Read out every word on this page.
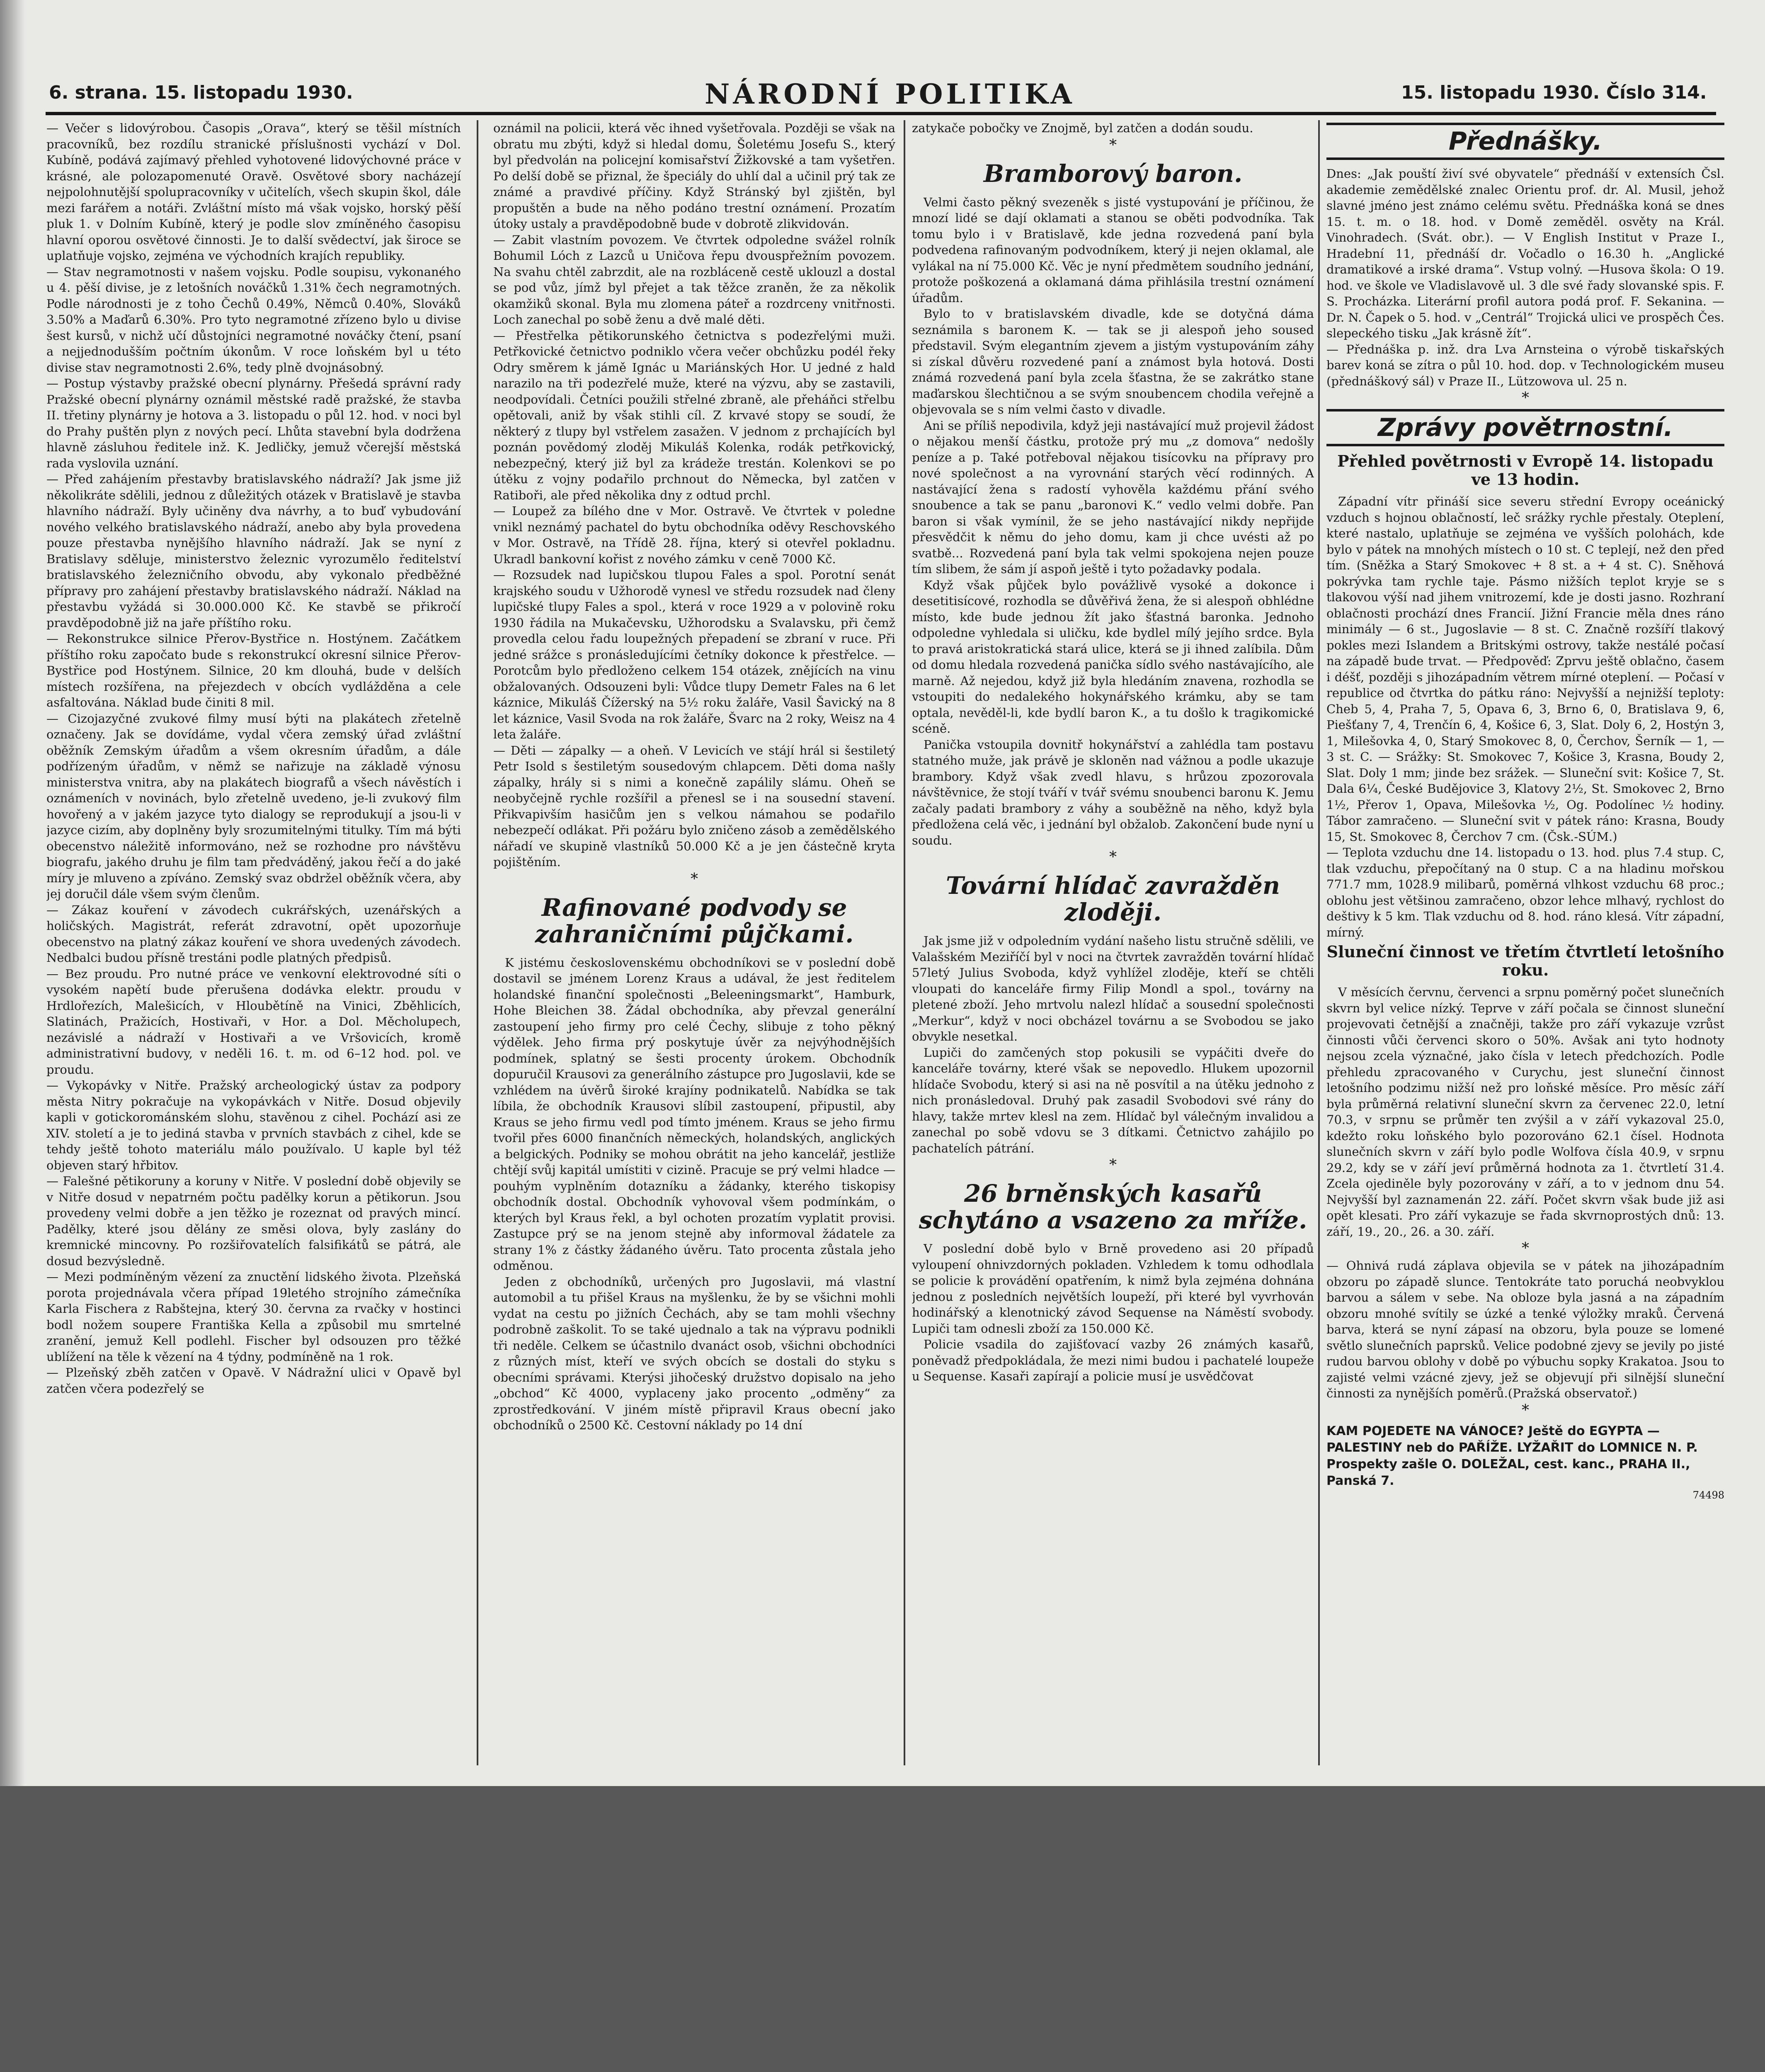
6. strana. 15. listopadu 1930.	NÁRODNÍ POLITIKA	15. listopadu 1930. Číslo 314.

— Večer s lidovýrobou. Časopis „Orava“, který se těšil místních pracovníků, bez rozdílu stranické příslušnosti vychází v Dol. Kubíně, podává zajímavý přehled vyhotovené lidovýchovné práce v krásné, ale polozapomenuté Oravě. Osvětové sbory nacházejí nejpolohnutější spolupracovníky v učitelích, všech skupin škol, dále mezi farářem a notáři. Zvláštní místo má však vojsko, horský pěší pluk 1. v Dolním Kubíně, který je podle slov zmíněného časopisu hlavní oporou osvětové činnosti. Je to další svědectví, jak široce se uplatňuje vojsko, zejména ve východních krajích republiky.

— Stav negramotnosti v našem vojsku. Podle soupisu, vykonaného u 4. pěší divise, je z letošních nováčků 1.31% čech negramotných. Podle národnosti je z toho Čechů 0.49%, Němců 0.40%, Slováků 3.50% a Maďarů 6.30%. Pro tyto negramotné zřízeno bylo u divise šest kursů, v nichž učí důstojníci negramotné nováčky čtení, psaní a nejjednodušším počtním úkonům. V roce loňském byl u této divise stav negramotnosti 2.6%, tedy plně dvojnásobný.

— Postup výstavby pražské obecní plynárny. Přešedá správní rady Pražské obecní plynárny oznámil městské radě pražské, že stavba II. třetiny plynárny je hotova a 3. listopadu o půl 12. hod. v noci byl do Prahy puštěn plyn z nových pecí. Lhůta stavební byla dodržena hlavně zásluhou ředitele inž. K. Jedličky, jemuž včerejší městská rada vyslovila uznání.

— Před zahájením přestavby bratislavského nádraží? Jak jsme již několikráte sdělili, jednou z důležitých otázek v Bratislavě je stavba hlavního nádraží. Byly učiněny dva návrhy, a to buď vybudování nového velkého bratislavského nádraží, anebo aby byla provedena pouze přestavba nynějšího hlavního nádraží. Jak se nyní z Bratislavy sděluje, ministerstvo železnic vyrozumělo ředitelství bratislavského železničního obvodu, aby vykonalo předběžné přípravy pro zahájení přestavby bratislavského nádraží. Náklad na přestavbu vyžádá si 30.000.000 Kč. Ke stavbě se přikročí pravděpodobně již na jaře příštího roku.

— Rekonstrukce silnice Přerov-Bystřice n. Hostýnem. Začátkem příštího roku započato bude s rekonstrukcí okresní silnice Přerov-Bystřice pod Hostýnem. Silnice, 20 km dlouhá, bude v delších místech rozšířena, na přejezdech v obcích vydlážděna a cele asfaltována. Náklad bude činiti 8 mil.

— Cizojazyčné zvukové filmy musí býti na plakátech zřetelně označeny. Jak se dovídáme, vydal včera zemský úřad zvláštní oběžník Zemským úřadům a všem okresním úřadům, a dále podřízeným úřadům, v němž se nařizuje na základě výnosu ministerstva vnitra, aby na plakátech biografů a všech návěstích i oznámeních v novinách, bylo zřetelně uvedeno, je-li zvukový film hovořený a v jakém jazyce tyto dialogy se reprodukují a jsou-li v jazyce cizím, aby doplněny byly srozumitelnými titulky. Tím má býti obecenstvo náležitě informováno, než se rozhodne pro návštěvu biografu, jakého druhu je film tam předváděný, jakou řečí a do jaké míry je mluveno a zpíváno. Zemský svaz obdržel oběžník včera, aby jej doručil dále všem svým členům.

— Zákaz kouření v závodech cukrářských, uzenářských a holičských. Magistrát, referát zdravotní, opět upozorňuje obecenstvo na platný zákaz kouření ve shora uvedených závodech. Nedbalci budou přísně trestáni podle platných předpisů.

— Bez proudu. Pro nutné práce ve venkovní elektrovodné síti o vysokém napětí bude přerušena dodávka elektr. proudu v Hrdlořezích, Malešicích, v Hloubětíně na Vinici, Zběhlicích, Slatinách, Pražicích, Hostivaři, v Hor. a Dol. Měcholupech, nezávislé a nádraží v Hostivaři a ve Vršovicích, kromě administrativní budovy, v neděli 16. t. m. od 6–12 hod. pol. ve proudu.

— Vykopávky v Nitře. Pražský archeologický ústav za podpory města Nitry pokračuje na vykopávkách v Nitře. Dosud objevily kapli v gotickorománském slohu, stavěnou z cihel. Pochází asi ze XIV. století a je to jediná stavba v prvních stavbách z cihel, kde se tehdy ještě tohoto materiálu málo používalo. U kaple byl též objeven starý hřbitov.

— Falešné pětikoruny a koruny v Nitře. V poslední době objevily se v Nitře dosud v nepatrném počtu padělky korun a pětikorun. Jsou provedeny velmi dobře a jen těžko je rozeznat od pravých mincí. Padělky, které jsou dělány ze směsi olova, byly zaslány do kremnické mincovny. Po rozšiřovatelích falsifikátů se pátrá, ale dosud bezvýsledně.

— Mezi podmíněným vězení za znuctění lidského života. Plzeňská porota projednávala včera případ 19letého strojního zámečníka Karla Fischera z Rabštejna, který 30. června za rvačky v hostinci bodl nožem souperе Františka Kella a způsobil mu smrtelné zranění, jemuž Kell podlehl. Fischer byl odsouzen pro těžké ublížení na těle k vězení na 4 týdny, podmíněně na 1 rok.

— Plzeňský zběh zatčen v Opavě. V Nádražní ulici v Opavě byl zatčen včera podezřelý se

oznámil na policii, která věc ihned vyšetřovala. Později se však na obratu mu zbýti, když si hledal domu, Šoletému Josefu S., který byl předvolán na policejní komisařství Žižkovské a tam vyšetřen. Po delší době se přiznal, že špeciály do uhlí dal a učinil prý tak ze známé a pravdivé příčiny. Když Stránský byl zjištěn, byl propuštěn a bude na něho podáno trestní oznámení. Prozatím útoky ustaly a pravděpodobně bude v dobrotě zlikvidován.

— Zabit vlastním povozem. Ve čtvrtek odpoledne svážel rolník Bohumil Lóch z Lazců u Uničova řepu dvouspřežním povozem. Na svahu chtěl zabrzdit, ale na rozbláceně cestě uklouzl a dostal se pod vůz, jímž byl přejet a tak těžce zraněn, že za několik okamžiků skonal. Byla mu zlomena páteř a rozdrceny vnitřnosti. Loch zanechal po sobě ženu a dvě malé děti.

— Přestřelka pětikorunského četnictva s podezřelými muži. Petřkovické četnictvo podniklo včera večer obchůzku podél řeky Odry směrem k jámě Ignác u Mariánských Hor. U jedné z hald narazilo na tři podezřelé muže, které na výzvu, aby se zastavili, neodpovídali. Četníci použili střelné zbraně, ale přeháňci střelbu opětovali, aniž by však stihli cíl. Z krvavé stopy se soudí, že některý z tlupy byl vstřelem zasažen. V jednom z prchajících byl poznán povědomý zloděj Mikuláš Kolenka, rodák petřkovický, nebezpečný, který již byl za krádeže trestán. Kolenkovi se po útěku z vojny podařilo prchnout do Německa, byl zatčen v Ratiboři, ale před několika dny z odtud prchl.

— Loupež za bílého dne v Mor. Ostravě. Ve čtvrtek v poledne vnikl neznámý pachatel do bytu obchodníka oděvy Reschovského v Mor. Ostravě, na Třídě 28. října, který si otevřel pokladnu. Ukradl bankovní kořist z nového zámku v ceně 7000 Kč.

— Rozsudek nad lupičskou tlupou Fales a spol. Porotní senát krajského soudu v Užhorodě vynesl ve středu rozsudek nad členy lupičské tlupy Fales a spol., která v roce 1929 a v polovině roku 1930 řádila na Mukačevsku, Užhorodsku a Svalavsku, při čemž provedla celou řadu loupežných přepadení se zbraní v ruce. Při jedné srážce s pronásledujícími četníky dokonce k přestřelce. — Porotcům bylo předloženo celkem 154 otázek, znějících na vinu obžalovaných. Odsouzeni byli: Vůdce tlupy Demetr Fales na 6 let káznice, Mikuláš Čížerský na 5½ roku žaláře, Vasil Šavický na 8 let káznice, Vasil Svoda na rok žaláře, Švarc na 2 roky, Weisz na 4 leta žaláře.

— Děti — zápalky — a oheň. V Levicích ve stájí hrál si šestiletý Petr Isold s šestiletým sousedovým chlapcem. Děti doma našly zápalky, hrály si s nimi a konečně zapálily slámu. Oheň se neobyčejně rychle rozšířil a přenesl se i na sousední stavení. Přikvapivším hasičům jen s velkou námahou se podařilo nebezpečí odlákat. Při požáru bylo zničeno zásob a zemědělského nářadí ve skupině vlastníků 50.000 Kč a je jen částečně kryta pojištěním.

*
Rafinované podvody se zahraničními půjčkami.

K jistému československému obchodníkovi se v poslední době dostavil se jménem Lorenz Kraus a udával, že jest ředitelem holandské finanční společnosti „Beleeningsmarkt“, Hamburk, Hohe Bleichen 38. Žádal obchodníka, aby převzal generální zastoupení jeho firmy pro celé Čechy, slibuje z toho pěkný výdělek. Jeho firma prý poskytuje úvěr za nejvýhodnějších podmínek, splatný se šesti procenty úrokem. Obchodník dopuručil Krausovi za generálního zástupce pro Jugoslavii, kde se vzhlédem na úvěrů široké krajíny podnikatelů. Nabídka se tak líbila, že obchodník Krausovi slíbil zastoupení, připustil, aby Kraus se jeho firmu vedl pod tímto jménem. Kraus se jeho firmu tvořil přes 6000 finančních německých, holandských, anglických a belgických. Podniky se mohou obrátit na jeho kancelář, jestliže chtějí svůj kapitál umístiti v cizině. Pracuje se prý velmi hladce — pouhým vyplněním dotazníku a žádanky, kterého tiskopisy obchodník dostal. Obchodník vyhovoval všem podmínkám, o kterých byl Kraus řekl, a byl ochoten prozatím vyplatit provisi. Zastupce prý se na jenom stejně aby informoval žádatele za strany 1% z částky žádaného úvěru. Tato procenta zůstala jeho odměnou.

Jeden z obchodníků, určených pro Jugoslavii, má vlastní automobil a tu přišel Kraus na myšlenku, že by se všichni mohli vydat na cestu po jižních Čechách, aby se tam mohli všechny podrobně zaškolit. To se také ujednalo a tak na výpravu podnikli tři neděle. Celkem se účastnilo dvanáct osob, všichni obchodníci z různých míst, kteří ve svých obcích se dostali do styku s obecními správami. Kterýsi jihočeský družstvo dopisalo na jeho „obchod“ Kč 4000, vyplaceny jako procento „odměny“ za zprostředkování. V jiném místě připravil Kraus obecní jako obchodníků o 2500 Kč. Cestovní náklady po 14 dní

zatykače pobočky ve Znojmě, byl zatčen a dodán soudu.

*
Bramborový baron.

Velmi často pěkný svezeněk s jisté vystupování je příčinou, že mnozí lidé se dají oklamati a stanou se oběti podvodníka. Tak tomu bylo i v Bratislavě, kde jedna rozvedená paní byla podvedena rafinovaným podvodníkem, který ji nejen oklamal, ale vylákal na ní 75.000 Kč. Věc je nyní předmětem soudního jednání, protože poškozená a oklamaná dáma přihlásila trestní oznámení úřadům.

Bylo to v bratislavském divadle, kde se dotyčná dáma seznámila s baronem K. — tak se ji alespoň jeho soused představil. Svým elegantním zjevem a jistým vystupováním záhy si získal důvěru rozvedené paní a známost byla hotová. Dosti známá rozvedená paní byla zcela šťastna, že se zakrátko stane maďarskou šlechtičnou a se svým snoubencem chodila veřejně a objevovala se s ním velmi často v divadle.

Ani se příliš nepodivila, když jeji nastávající muž projevil žádost o nějakou menší částku, protože prý mu „z domova“ nedošly peníze a p. Také potřeboval nějakou tisícovku na přípravy pro nové společnost a na vyrovnání starých věcí rodinných. A nastávající žena s radostí vyhověla každému přání svého snoubence a tak se panu „baronovi K.“ vedlo velmi dobře. Pan baron si však vymínil, že se jeho nastávající nikdy nepřijde přesvědčit k němu do jeho domu, kam ji chce uvésti až po svatbě... Rozvedená paní byla tak velmi spokojena nejen pouze tím slibem, že sám jí aspoň ještě i tyto požadavky podala.

Když však půjček bylo povážlivě vysoké a dokonce i desetitisícové, rozhodla se důvěřivá žena, že si alespoň obhlédne místo, kde bude jednou žít jako šťastná baronka. Jednoho odpoledne vyhledala si uličku, kde bydlel mílý jejího srdce. Byla to pravá aristokratická stará ulice, která se ji ihned zalíbila. Dům od domu hledala rozvedená panička sídlo svého nastávajícího, ale marně. Až nejedou, když již byla hledáním znavena, rozhodla se vstoupiti do nedalekého hokynářského krámku, aby se tam optala, nevěděl-li, kde bydlí baron K., a tu došlo k tragikomické scéně.

Panička vstoupila dovnitř hokynářství a zahlédla tam postavu statného muže, jak právě je skloněn nad vážnou a podle ukazuje brambory. Když však zvedl hlavu, s hrůzou zpozorovala návštěvnice, že stojí tváří v tvář svému snoubenci baronu K. Jemu začaly padati brambory z váhy a souběžně na něho, když byla předložena celá věc, i jednání byl obžalob. Zakončení bude nyní u soudu.

*
Tovární hlídač zavražděn zloději.

Jak jsme již v odpoledním vydání našeho listu stručně sdělili, ve Valašském Meziříčí byl v noci na čtvrtek zavražděn tovární hlídač 57letý Julius Svoboda, když vyhlížel zloděje, kteří se chtěli vloupati do kanceláře firmy Filip Mondl a spol., továrny na pletené zboží. Jeho mrtvolu nalezl hlídač a sousední společnosti „Merkur“, když v noci obcházel továrnu a se Svobodou se jako obvykle nesetkal.

Lupiči do zamčených stop pokusili se vypáčiti dveře do kanceláře továrny, které však se nepovedlo. Hlukem upozornil hlídače Svobodu, který si asi na ně posvítil a na útěku jednoho z nich pronásledoval. Druhý pak zasadil Svobodovi své rány do hlavy, takže mrtev klesl na zem. Hlídač byl válečným invalidou a zanechal po sobě vdovu se 3 dítkami. Četnictvo zahájilo po pachatelích pátrání.

*
26 brněnských kasařů schytáno a vsazeno za mříže.

V poslední době bylo v Brně provedeno asi 20 případů vyloupení ohnivzdorných pokladen. Vzhledem k tomu odhodlala se policie k provádění opatřením, k nimž byla zejména dohnána jednou z posledních největších loupeží, při které byl vyvrhován hodinářský a klenotnický závod Sequense na Náměstí svobody. Lupiči tam odnesli zboží za 150.000 Kč.

Policie vsadila do zajišťovací vazby 26 známých kasařů, poněvadž předpokládala, že mezi nimi budou i pachatelé loupeže u Sequense. Kasaři zapírají a policie musí je usvědčovat

Přednášky.

Dnes: „Jak pouští živí své obyvatele“ přednáší v extensích Čsl. akademie zemědělské znalec Orientu prof. dr. Al. Musil, jehož slavné jméno jest známo celému světu. Přednáška koná se dnes 15. t. m. o 18. hod. v Domě zeměděl. osvěty na Král. Vinohradech. (Svát. obr.). — V English Institut v Praze I., Hradební 11, přednáší dr. Vočadlo o 16.30 h. „Anglické dramatikové a irské drama“. Vstup volný. —Husova škola: O 19. hod. ve škole ve Vladislavově ul. 3 dle své řady slovanské spis. F. S. Procházka. Literární profil autora podá prof. F. Sekanina. — Dr. N. Čapek o 5. hod. v „Centrál“ Trojická ulici ve prospěch Čes. slepeckého tisku „Jak krásně žít“.

— Přednáška p. inž. dra Lva Arnsteina o výrobě tiskařských barev koná se zítra o půl 10. hod. dop. v Technologickém museu (přednáškový sál) v Praze II., Lützowova ul. 25 n.

*
Zprávy povětrnostní.
Přehled povětrnosti v Evropě 14. listopadu ve 13 hodin.

Západní vítr přináší sice severu střední Evropy oceánický vzduch s hojnou oblačností, leč srážky rychle přestaly. Oteplení, které nastalo, uplatňuje se zejména ve vyšších polohách, kde bylo v pátek na mnohých místech o 10 st. C teplejí, než den před tím. (Sněžka a Starý Smokovec + 8 st. a + 4 st. C). Sněhová pokrývka tam rychle taje. Pásmo nižších teplot kryje se s tlakovou výší nad jihem vnitrozemí, kde je dosti jasno. Rozhraní oblačnosti prochází dnes Francií. Jižní Francie měla dnes ráno minimály — 6 st., Jugoslavie — 8 st. C. Značně rozšíří tlakový pokles mezi Islandem a Britskými ostrovy, takže nestálé počasí na západě bude trvat. — Předpověď: Zprvu ještě oblačno, časem i déšť, později s jihozápadním větrem mírné oteplení. — Počasí v republice od čtvrtka do pátku ráno: Nejvyšší a nejnižší teploty: Cheb 5, 4, Praha 7, 5, Opava 6, 3, Brno 6, 0, Bratislava 9, 6, Piešťany 7, 4, Trenčín 6, 4, Košice 6, 3, Slat. Doly 6, 2, Hostýn 3, 1, Milešovka 4, 0, Starý Smokovec 8, 0, Čerchov, Šerník — 1, — 3 st. C. — Srážky: St. Smokovec 7, Košice 3, Krasna, Boudy 2, Slat. Doly 1 mm; jinde bez srážek. — Sluneční svit: Košice 7, St. Dala 6¼, České Budějovice 3, Klatovy 2½, St. Smokovec 2, Brno 1½, Přerov 1, Opava, Milešovka ½, Og. Podolínec ½ hodiny. Tábor zamračeno. — Sluneční svit v pátek ráno: Krasna, Boudy 15, St. Smokovec 8, Čerchov 7 cm. (Čsk.-SÚM.)

— Teplota vzduchu dne 14. listopadu o 13. hod. plus 7.4 stup. C, tlak vzduchu, přepočítaný na 0 stup. C a na hladinu mořskou 771.7 mm, 1028.9 milibarů, poměrná vlhkost vzduchu 68 proc.; oblohu jest většinou zamračeno, obzor lehce mlhavý, rychlost do deštivy k 5 km. Tlak vzduchu od 8. hod. ráno klesá. Vítr západní, mírný.

Sluneční činnost ve třetím čtvrtletí letošního roku.

V měsících červnu, červenci a srpnu poměrný počet slunečních skvrn byl velice nízký. Teprve v září počala se činnost sluneční projevovati četnější a značněji, takže pro září vykazuje vzrůst činnosti vůči červenci skoro o 50%. Avšak ani tyto hodnoty nejsou zcela význačné, jako čísla v letech předchozích. Podle přehledu zpracovaného v Curychu, jest sluneční činnost letošního podzimu nižší než pro loňské měsíce. Pro měsíc září byla průměrná relativní sluneční skvrn za červenec 22.0, letní 70.3, v srpnu se průměr ten zvýšil a v září vykazoval 25.0, kdežto roku loňského bylo pozorováno 62.1 čísel. Hodnota slunečních skvrn v září bylo podle Wolfova čísla 40.9, v srpnu 29.2, kdy se v září jeví průměrná hodnota za 1. čtvrtletí 31.4. Zcela ojediněle byly pozorovány v září, a to v jednom dnu 54. Nejvyšší byl zaznamenán 22. září. Počet skvrn však bude již asi opět klesati. Pro září vykazuje se řada skvrnoprostých dnů: 13. září, 19., 20., 26. a 30. září.

*

— Ohnivá rudá záplava objevila se v pátek na jihozápadním obzoru po západě slunce. Tentokráte tato poruchá neobvyklou barvou a sálem v sebe. Na obloze byla jasná a na západním obzoru mnohé svítily se úzké a tenké výložky mraků. Červená barva, která se nyní zápasí na obzoru, byla pouze se lomené světlo slunečních paprsků. Velice podobné zjevy se jevily po jisté rudou barvou oblohy v době po výbuchu sopky Krakatoa. Jsou to zajisté velmi vzácné zjevy, jež se objevují při silnější sluneční činnosti za nynějších poměrů.(Pražská observatoř.)

*
KAM POJEDETE NA VÁNOCE? Ještě do EGYPTA — PALESTINY neb do PAŘÍŽE. LYŽAŘIT do LOMNICE N. P. Prospekty zašle O. DOLEŽAL, cest. kanc., PRAHA II., Panská 7.

74498
